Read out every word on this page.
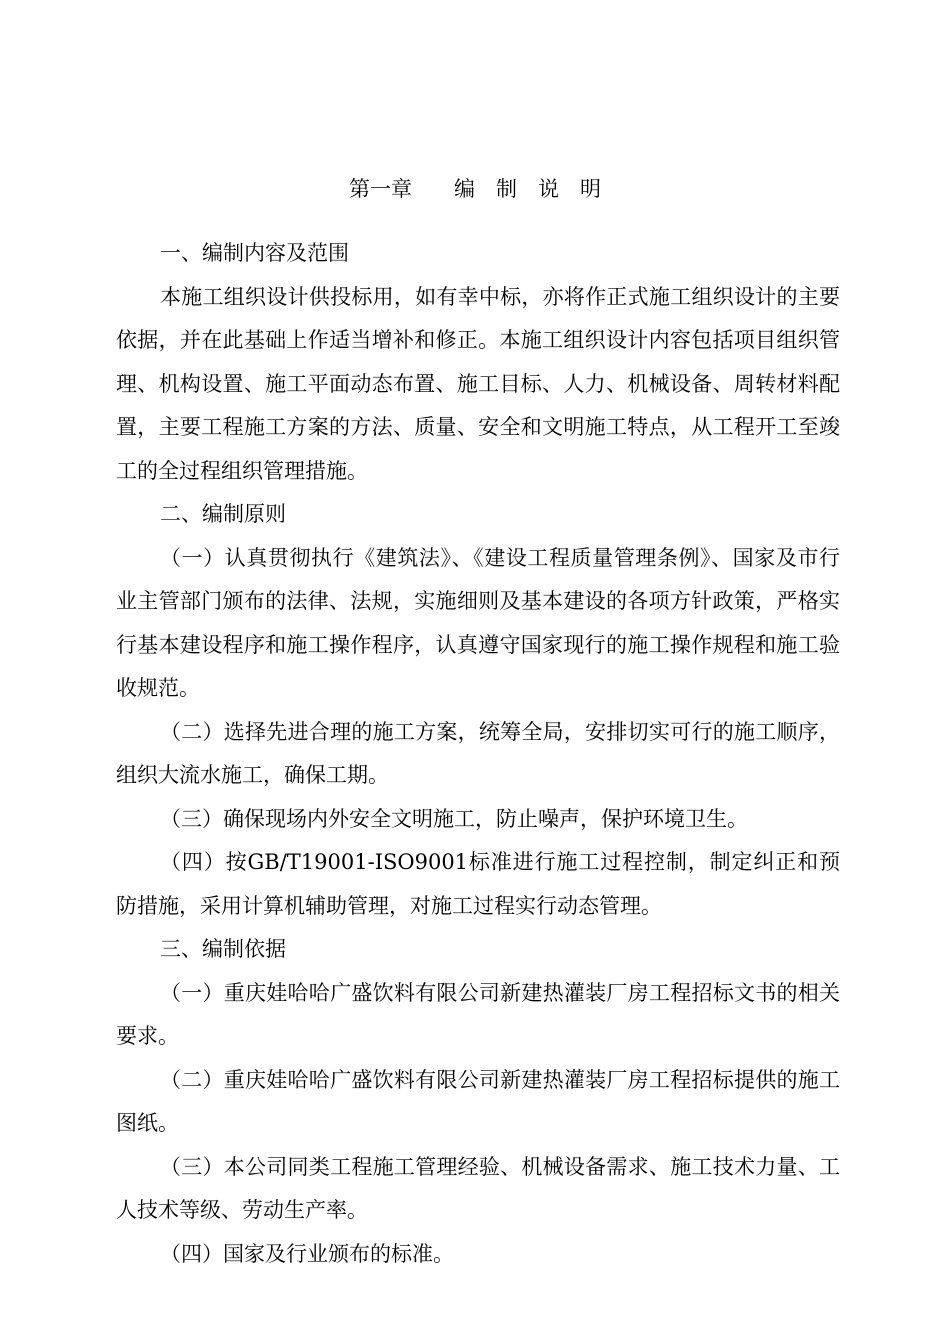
第一章　　编　制　说　明

一、编制内容及范围

本施工组织设计供投标用，如有幸中标，亦将作正式施工组织设计的主要依据，并在此基础上作适当增补和修正。本施工组织设计内容包括项目组织管理、机构设置、施工平面动态布置、施工目标、人力、机械设备、周转材料配置，主要工程施工方案的方法、质量、安全和文明施工特点，从工程开工至竣工的全过程组织管理措施。

二、编制原则

（一）认真贯彻执行《建筑法》、《建设工程质量管理条例》、国家及市行业主管部门颁布的法律、法规，实施细则及基本建设的各项方针政策，严格实行基本建设程序和施工操作程序，认真遵守国家现行的施工操作规程和施工验收规范。

（二）选择先进合理的施工方案，统筹全局，安排切实可行的施工顺序，组织大流水施工，确保工期。

（三）确保现场内外安全文明施工，防止噪声，保护环境卫生。

（四）按GB/T19001-ISO9001标准进行施工过程控制，制定纠正和预防措施，采用计算机辅助管理，对施工过程实行动态管理。

三、编制依据

（一）重庆娃哈哈广盛饮料有限公司新建热灌装厂房工程招标文书的相关要求。

（二）重庆娃哈哈广盛饮料有限公司新建热灌装厂房工程招标提供的施工图纸。

（三）本公司同类工程施工管理经验、机械设备需求、施工技术力量、工人技术等级、劳动生产率。

（四）国家及行业颁布的标准。
